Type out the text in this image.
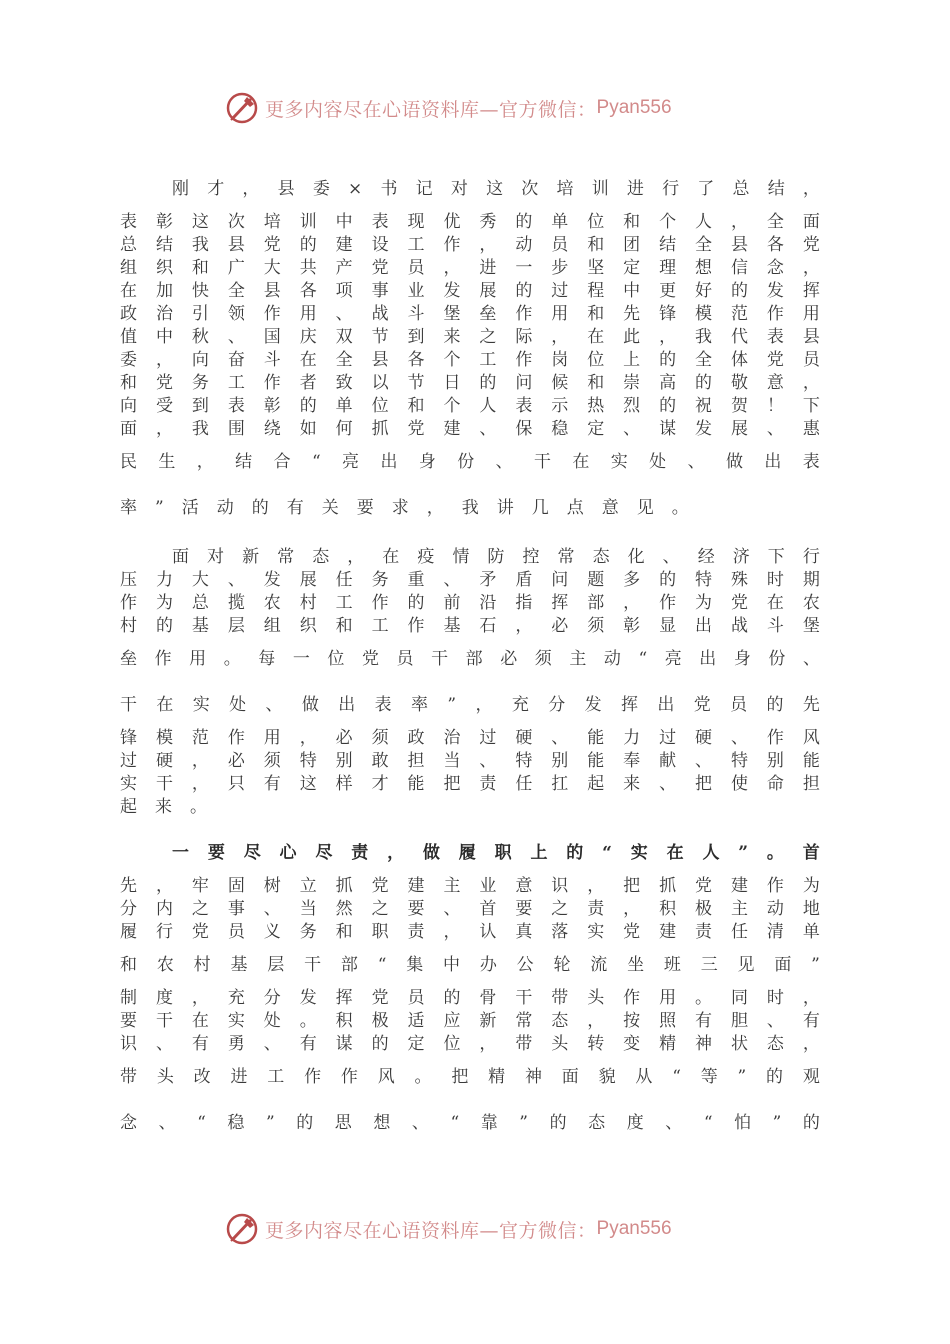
更多内容尽在心语资料库—官方微信： Pyan556
刚 才 ， 县 委 × 书 记 对 这 次 培 训 进 行 了 总 结 ，
表 彰 这 次 培 训 中 表 现 优 秀 的 单 位 和 个 人 ， 全 面
总 结 我 县 党 的 建 设 工 作 ， 动 员 和 团 结 全 县 各 党
组 织 和 广 大 共 产 党 员 ， 进 一 步 坚 定 理 想 信 念 ，
在 加 快 全 县 各 项 事 业 发 展 的 过 程 中 更 好 的 发 挥
政 治 引 领 作 用 、 战 斗 堡 垒 作 用 和 先 锋 模 范 作 用
值 中 秋 、 国 庆 双 节 到 来 之 际 ， 在 此 ， 我 代 表 县
委 ， 向 奋 斗 在 全 县 各 个 工 作 岗 位 上 的 全 体 党 员
和 党 务 工 作 者 致 以 节 日 的 问 候 和 崇 高 的 敬 意 ，
向 受 到 表 彰 的 单 位 和 个 人 表 示 热 烈 的 祝 贺 ！ 下
面 ， 我 围 绕 如 何 抓 党 建 、 保 稳 定 、 谋 发 展 、 惠
民 生 ， 结 合 “ 亮 出 身 份 、 干 在 实 处 、 做 出 表
率 ” 活 动 的 有 关 要 求 ， 我 讲 几 点 意 见 。
面 对 新 常 态 ， 在 疫 情 防 控 常 态 化 、 经 济 下 行
压 力 大 、 发 展 任 务 重 、 矛 盾 问 题 多 的 特 殊 时 期
作 为 总 揽 农 村 工 作 的 前 沿 指 挥 部 ， 作 为 党 在 农
村 的 基 层 组 织 和 工 作 基 石 ， 必 须 彰 显 出 战 斗 堡
垒 作 用 。 每 一 位 党 员 干 部 必 须 主 动 “ 亮 出 身 份 、
干 在 实 处 、 做 出 表 率 ” ， 充 分 发 挥 出 党 员 的 先
锋 模 范 作 用 ， 必 须 政 治 过 硬 、 能 力 过 硬 、 作 风
过 硬 ， 必 须 特 别 敢 担 当 、 特 别 能 奉 献 、 特 别 能
实 干 ， 只 有 这 样 才 能 把 责 任 扛 起 来 、 把 使 命 担
起 来 。
一 要 尽 心 尽 责 ， 做 履 职 上 的 “ 实 在 人 ” 。 首
先 ， 牢 固 树 立 抓 党 建 主 业 意 识 ， 把 抓 党 建 作 为
分 内 之 事 、 当 然 之 要 、 首 要 之 责 ， 积 极 主 动 地
履 行 党 员 义 务 和 职 责 ， 认 真 落 实 党 建 责 任 清 单
和 农 村 基 层 干 部 “ 集 中 办 公 轮 流 坐 班 三 见 面 ”
制 度 ， 充 分 发 挥 党 员 的 骨 干 带 头 作 用 。 同 时 ，
要 干 在 实 处 。 积 极 适 应 新 常 态 ， 按 照 有 胆 、 有
识 、 有 勇 、 有 谋 的 定 位 ， 带 头 转 变 精 神 状 态 ，
带 头 改 进 工 作 作 风 。 把 精 神 面 貌 从 “ 等 ” 的 观
念 、 “ 稳 ” 的 思 想 、 “ 靠 ” 的 态 度 、 “ 怕 ” 的
更多内容尽在心语资料库—官方微信： Pyan556
